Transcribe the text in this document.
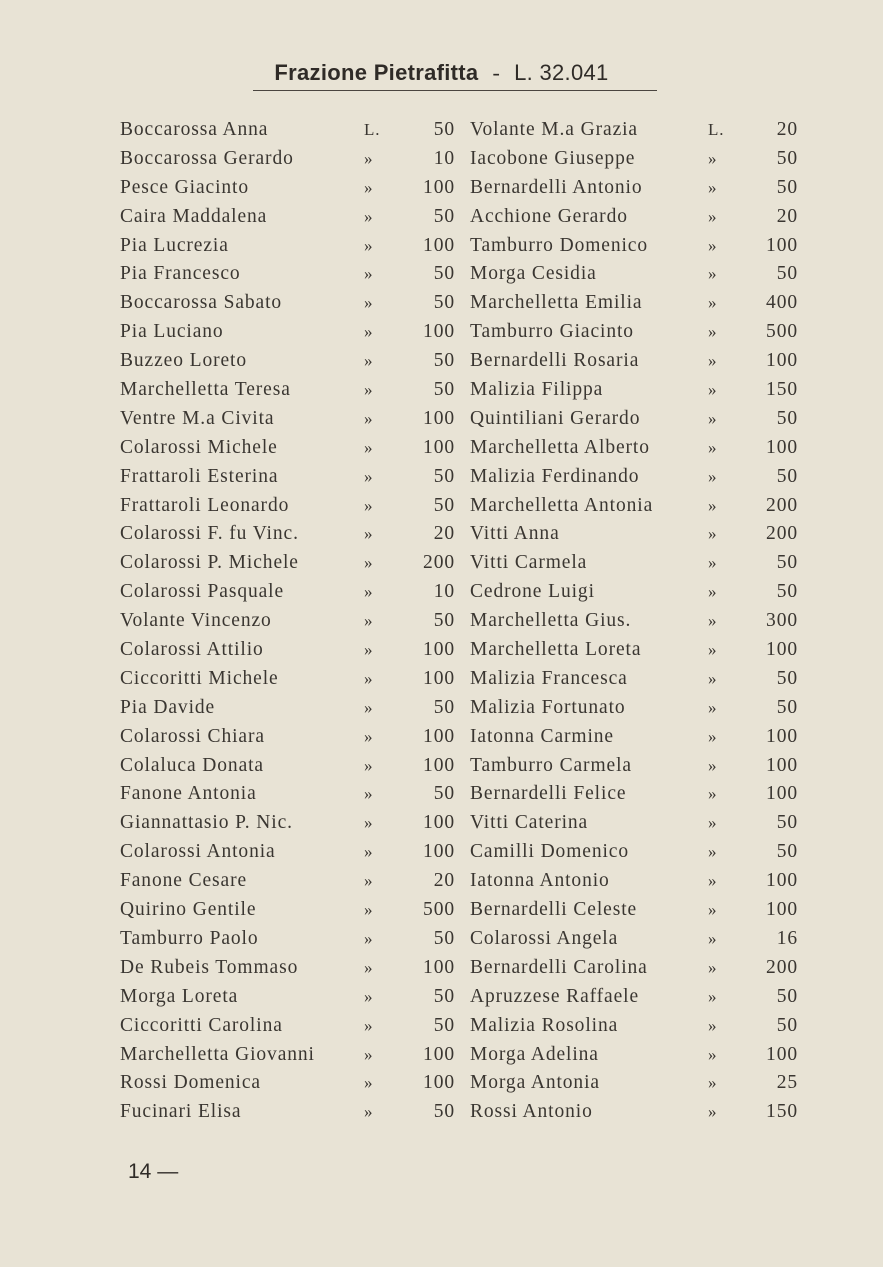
Frazione Pietrafitta - L. 32.041
Boccarossa Anna	L.	50
Boccarossa Gerardo	»	10
Pesce Giacinto	»	100
Caira Maddalena	»	50
Pia Lucrezia	»	100
Pia Francesco	»	50
Boccarossa Sabato	»	50
Pia Luciano	»	100
Buzzeo Loreto	»	50
Marchelletta Teresa	»	50
Ventre M.a Civita	»	100
Colarossi Michele	»	100
Frattaroli Esterina	»	50
Frattaroli Leonardo	»	50
Colarossi F. fu Vinc.	»	20
Colarossi P. Michele	»	200
Colarossi Pasquale	»	10
Volante Vincenzo	»	50
Colarossi Attilio	»	100
Ciccoritti Michele	»	100
Pia Davide	»	50
Colarossi Chiara	»	100
Colaluca Donata	»	100
Fanone Antonia	»	50
Giannattasio P. Nic.	»	100
Colarossi Antonia	»	100
Fanone Cesare	»	20
Quirino Gentile	»	500
Tamburro Paolo	»	50
De Rubeis Tommaso	»	100
Morga Loreta	»	50
Ciccoritti Carolina	»	50
Marchelletta Giovanni	»	100
Rossi Domenica	»	100
Fucinari Elisa	»	50
Volante M.a Grazia	L.	20
Iacobone Giuseppe	»	50
Bernardelli Antonio	»	50
Acchione Gerardo	»	20
Tamburro Domenico	» 100
Morga Cesidia	»	50
Marchelletta Emilia	» 400
Tamburro Giacinto	» 500
Bernardelli Rosaria	» 100
Malizia Filippa	» 150
Quintiliani Gerardo	»	50
Marchelletta Alberto	» 100
Malizia Ferdinando	»	50
Marchelletta Antonia	» 200
Vitti Anna	» 200
Vitti Carmela	»	50
Cedrone Luigi	»	50
Marchelletta Gius.	» 300
Marchelletta Loreta	» 100
Malizia Francesca	»	50
Malizia Fortunato	»	50
Iatonna Carmine	» 100
Tamburro Carmela	» 100
Bernardelli Felice	» 100
Vitti Caterina	»	50
Camilli Domenico	»	50
Iatonna Antonio	» 100
Bernardelli Celeste	» 100
Colarossi Angela	»	16
Bernardelli Carolina	» 200
Apruzzese Raffaele	»	50
Malizia Rosolina	»	50
Morga Adelina	» 100
Morga Antonia	»	25
Rossi Antonio	» 150
14 —
